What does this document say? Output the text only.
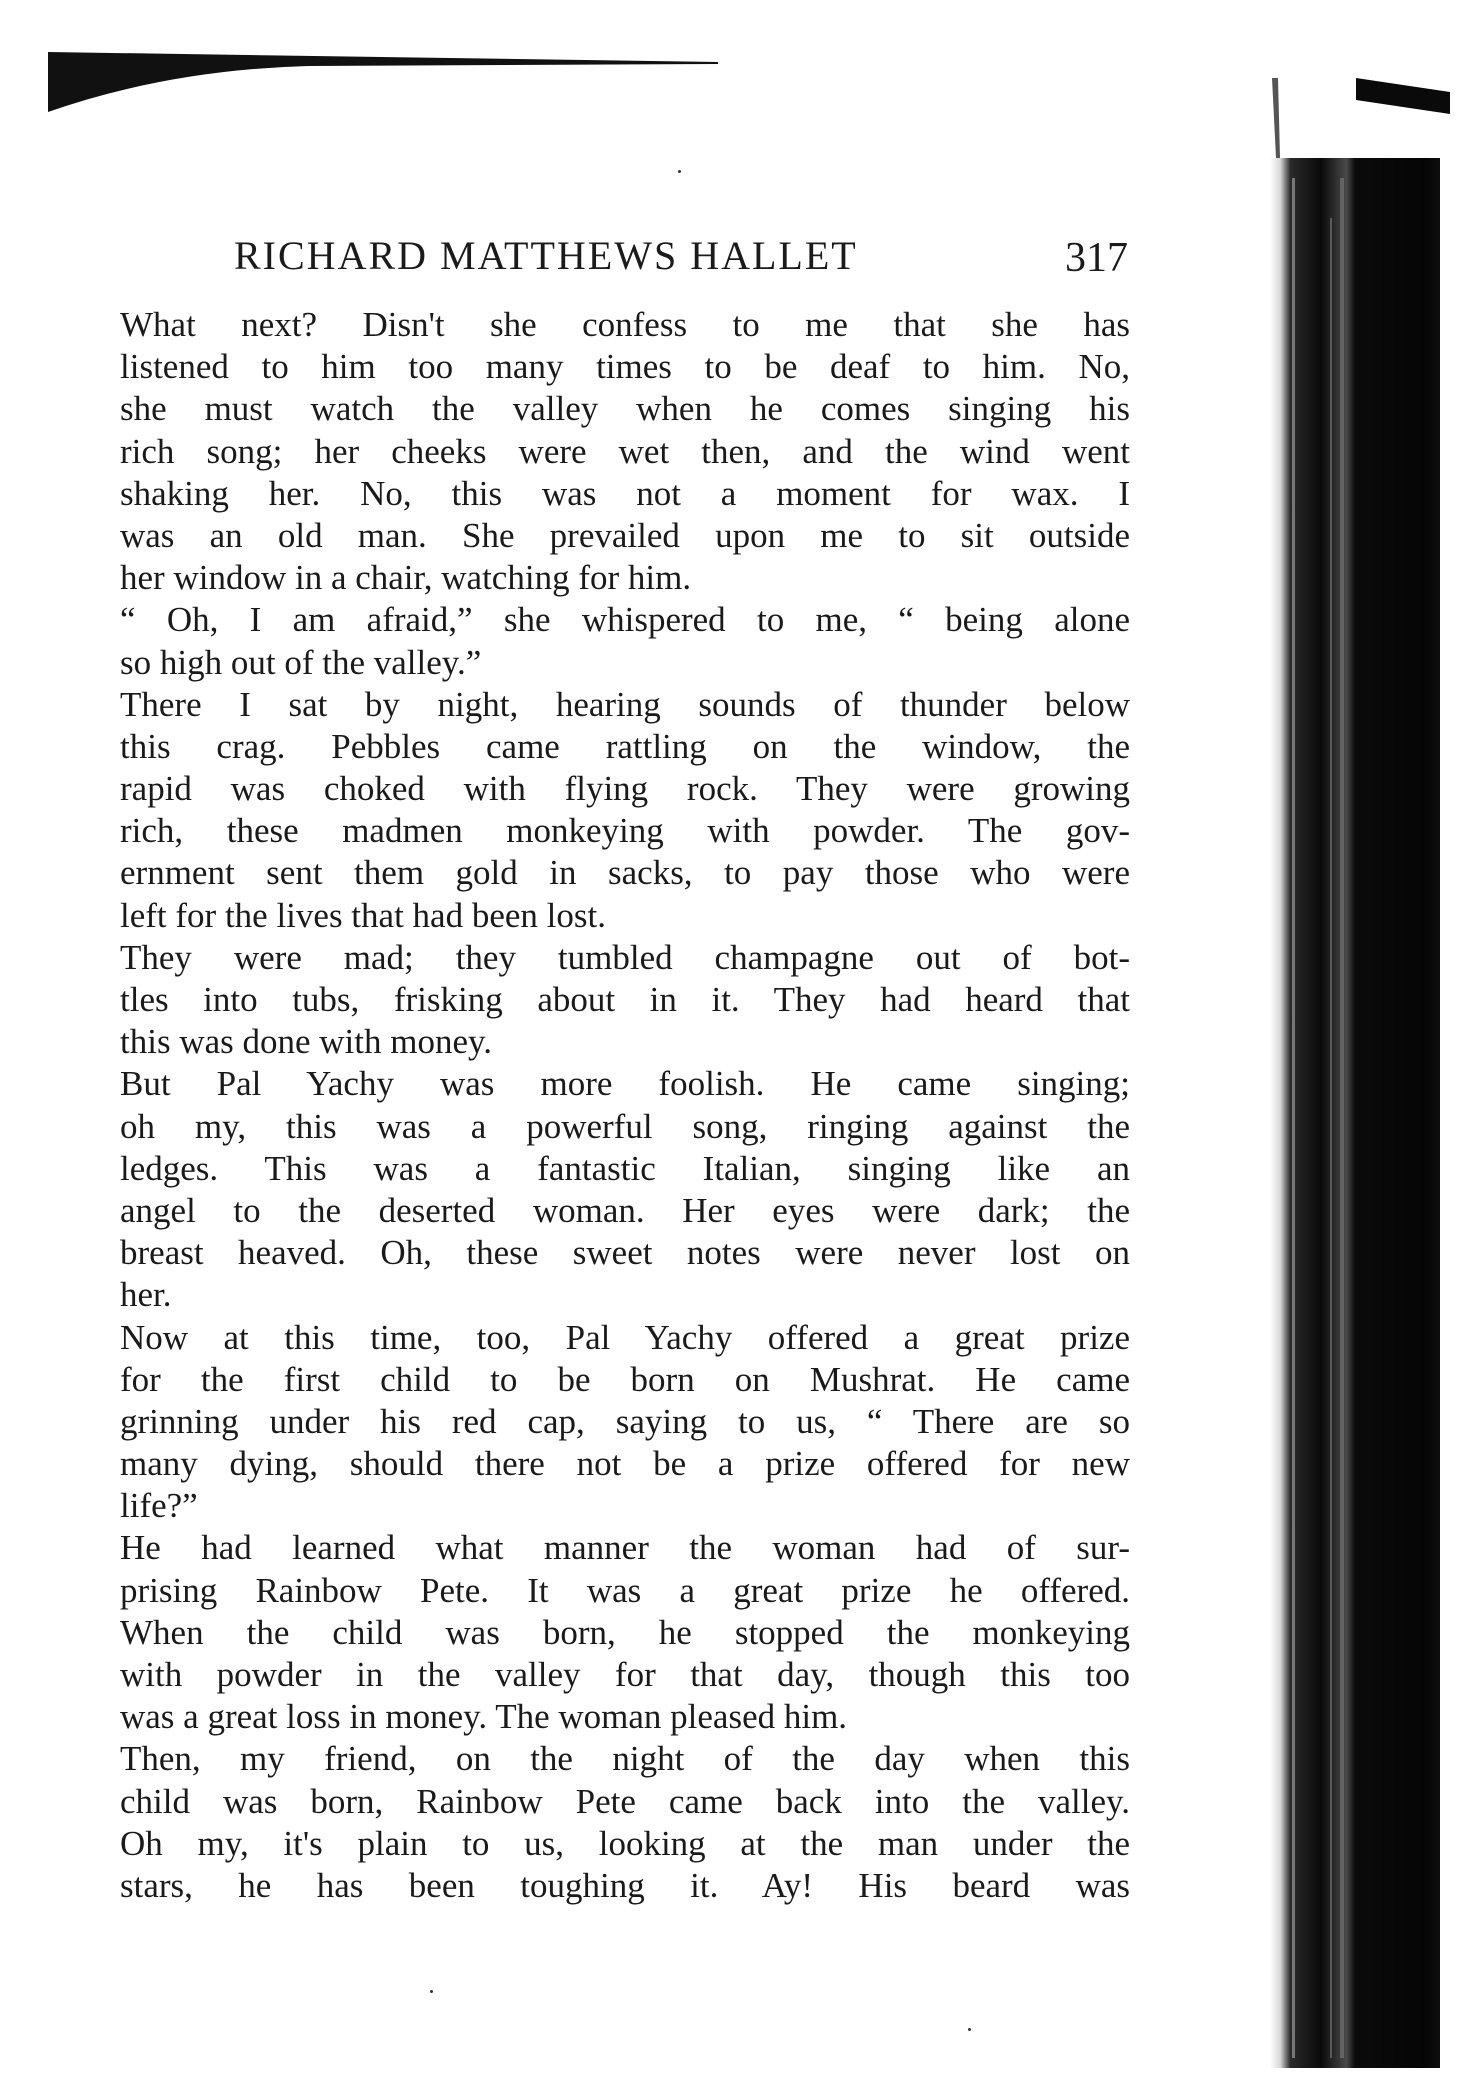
RICHARD MATTHEWS HALLET	317
What next? Disn't she confess to me that she has
listened to him too many times to be deaf to him. No,
she must watch the valley when he comes singing his
rich song; her cheeks were wet then, and the wind went
shaking her. No, this was not a moment for wax. I
was an old man. She prevailed upon me to sit outside
her window in a chair, watching for him.
“ Oh, I am afraid,” she whispered to me, “ being alone
so high out of the valley.”
There I sat by night, hearing sounds of thunder below
this crag. Pebbles came rattling on the window, the
rapid was choked with flying rock. They were growing
rich, these madmen monkeying with powder. The gov-
ernment sent them gold in sacks, to pay those who were
left for the lives that had been lost.
They were mad; they tumbled champagne out of bot-
tles into tubs, frisking about in it. They had heard that
this was done with money.
But Pal Yachy was more foolish. He came singing;
oh my, this was a powerful song, ringing against the
ledges. This was a fantastic Italian, singing like an
angel to the deserted woman. Her eyes were dark; the
breast heaved. Oh, these sweet notes were never lost on
her.
Now at this time, too, Pal Yachy offered a great prize
for the first child to be born on Mushrat. He came
grinning under his red cap, saying to us, “ There are so
many dying, should there not be a prize offered for new
life?”
He had learned what manner the woman had of sur-
prising Rainbow Pete. It was a great prize he offered.
When the child was born, he stopped the monkeying
with powder in the valley for that day, though this too
was a great loss in money. The woman pleased him.
Then, my friend, on the night of the day when this
child was born, Rainbow Pete came back into the valley.
Oh my, it's plain to us, looking at the man under the
stars, he has been toughing it. Ay! His beard was
